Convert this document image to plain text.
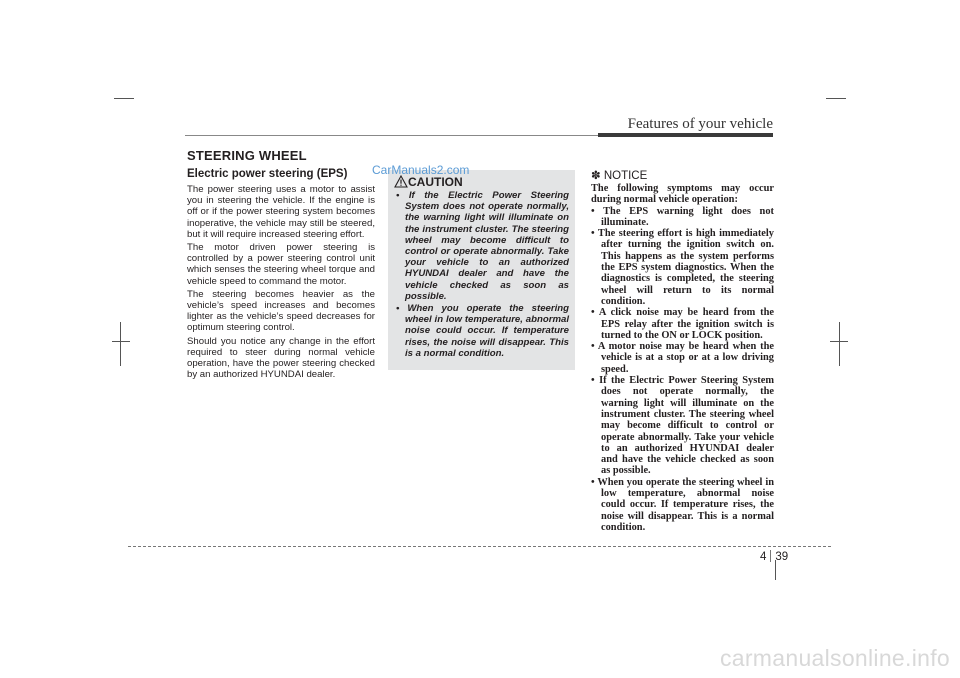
Features of your vehicle
STEERING WHEEL
Electric power steering (EPS)

The power steering uses a motor to assist you in steering the vehicle. If the engine is off or if the power steering system becomes inoperative, the vehicle may still be steered, but it will require increased steering effort.

The motor driven power steering is controlled by a power steering control unit which senses the steering wheel torque and vehicle speed to command the motor.

The steering becomes heavier as the vehicle’s speed increases and becomes lighter as the vehicle’s speed decreases for optimum steering control.

Should you notice any change in the effort required to steer during normal vehicle operation, have the power steering checked by an authorized HYUNDAI dealer.

CAUTION
• If the Electric Power Steering System does not operate normally, the warning light will illuminate on the instrument cluster. The steering wheel may become difficult to control or operate abnormally. Take your vehicle to an authorized HYUNDAI dealer and have the vehicle checked as soon as possible.
• When you operate the steering wheel in low temperature, abnormal noise could occur. If temperature rises, the noise will disappear. This is a normal condition.
CarManuals2.com	✽ NOTICE

The following symptoms may occur during normal vehicle operation:

• The EPS warning light does not illuminate.
• The steering effort is high immediately after turning the ignition switch on. This happens as the system performs the EPS system diagnostics. When the diagnostics is completed, the steering wheel will return to its normal condition.
• A click noise may be heard from the EPS relay after the ignition switch is turned to the ON or LOCK position.
• A motor noise may be heard when the vehicle is at a stop or at a low driving speed.
• If the Electric Power Steering System does not operate normally, the warning light will illuminate on the instrument cluster. The steering wheel may become difficult to control or operate abnormally. Take your vehicle to an authorized HYUNDAI dealer and have the vehicle checked as soon as possible.
• When you operate the steering wheel in low temperature, abnormal noise could occur. If temperature rises, the noise will disappear. This is a normal condition.
4 39
carmanualsonline.info
